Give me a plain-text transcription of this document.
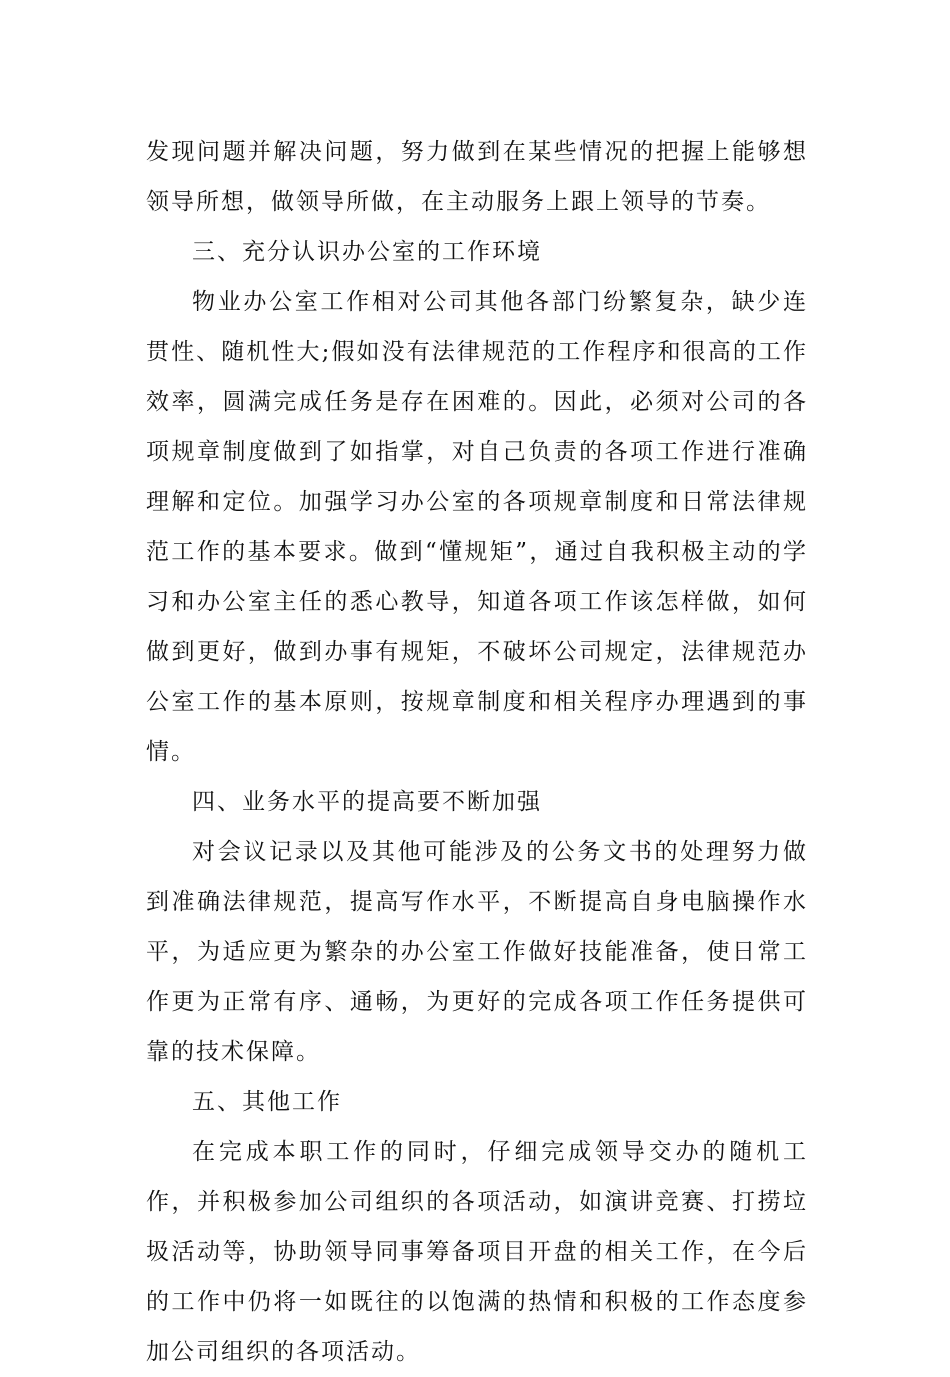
发现问题并解决问题，努力做到在某些情况的把握上能够想领导所想，做领导所做，在主动服务上跟上领导的节奏。

三、充分认识办公室的工作环境

物业办公室工作相对公司其他各部门纷繁复杂，缺少连贯性、随机性大;假如没有法律规范的工作程序和很高的工作效率，圆满完成任务是存在困难的。因此，必须对公司的各项规章制度做到了如指掌，对自己负责的各项工作进行准确理解和定位。加强学习办公室的各项规章制度和日常法律规范工作的基本要求。做到“懂规矩”，通过自我积极主动的学习和办公室主任的悉心教导，知道各项工作该怎样做，如何做到更好，做到办事有规矩，不破坏公司规定，法律规范办公室工作的基本原则，按规章制度和相关程序办理遇到的事情。

四、业务水平的提高要不断加强

对会议记录以及其他可能涉及的公务文书的处理努力做到准确法律规范，提高写作水平，不断提高自身电脑操作水平，为适应更为繁杂的办公室工作做好技能准备，使日常工作更为正常有序、通畅，为更好的完成各项工作任务提供可靠的技术保障。

五、其他工作

在完成本职工作的同时，仔细完成领导交办的随机工作，并积极参加公司组织的各项活动，如演讲竞赛、打捞垃圾活动等，协助领导同事筹备项目开盘的相关工作，在今后的工作中仍将一如既往的以饱满的热情和积极的工作态度参加公司组织的各项活动。
